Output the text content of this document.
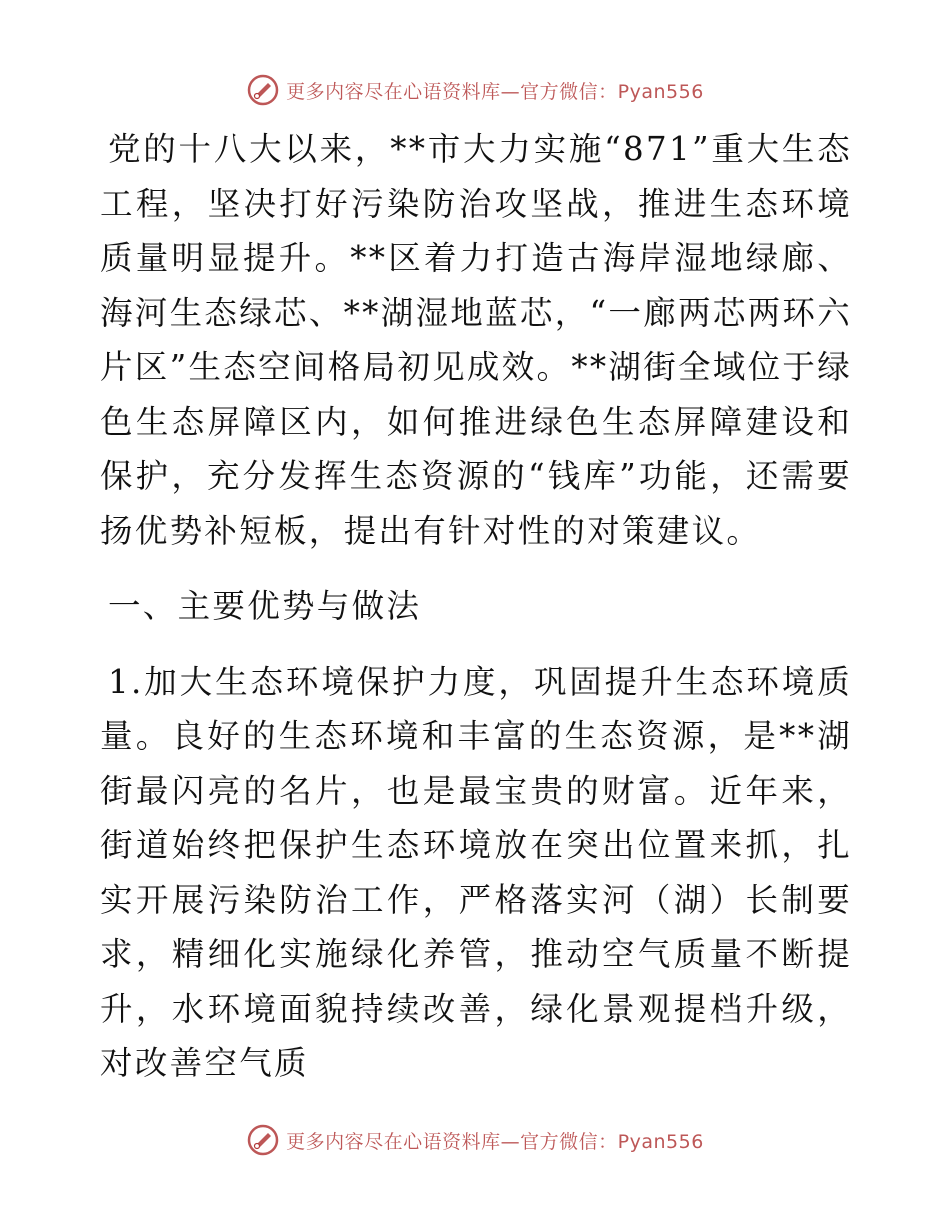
更多内容尽在心语资料库—官方微信：Pyan556

党的十八大以来，**市大力实施“871”重大生态工程，坚决打好污染防治攻坚战，推进生态环境质量明显提升。**区着力打造古海岸湿地绿廊、海河生态绿芯、**湖湿地蓝芯，“一廊两芯两环六片区”生态空间格局初见成效。**湖街全域位于绿色生态屏障区内，如何推进绿色生态屏障建设和保护，充分发挥生态资源的“钱库”功能，还需要扬优势补短板，提出有针对性的对策建议。

一、主要优势与做法

1.加大生态环境保护力度，巩固提升生态环境质量。良好的生态环境和丰富的生态资源，是**湖街最闪亮的名片，也是最宝贵的财富。近年来，街道始终把保护生态环境放在突出位置来抓，扎实开展污染防治工作，严格落实河（湖）长制要求，精细化实施绿化养管，推动空气质量不断提升，水环境面貌持续改善，绿化景观提档升级，对改善空气质

更多内容尽在心语资料库—官方微信：Pyan556
